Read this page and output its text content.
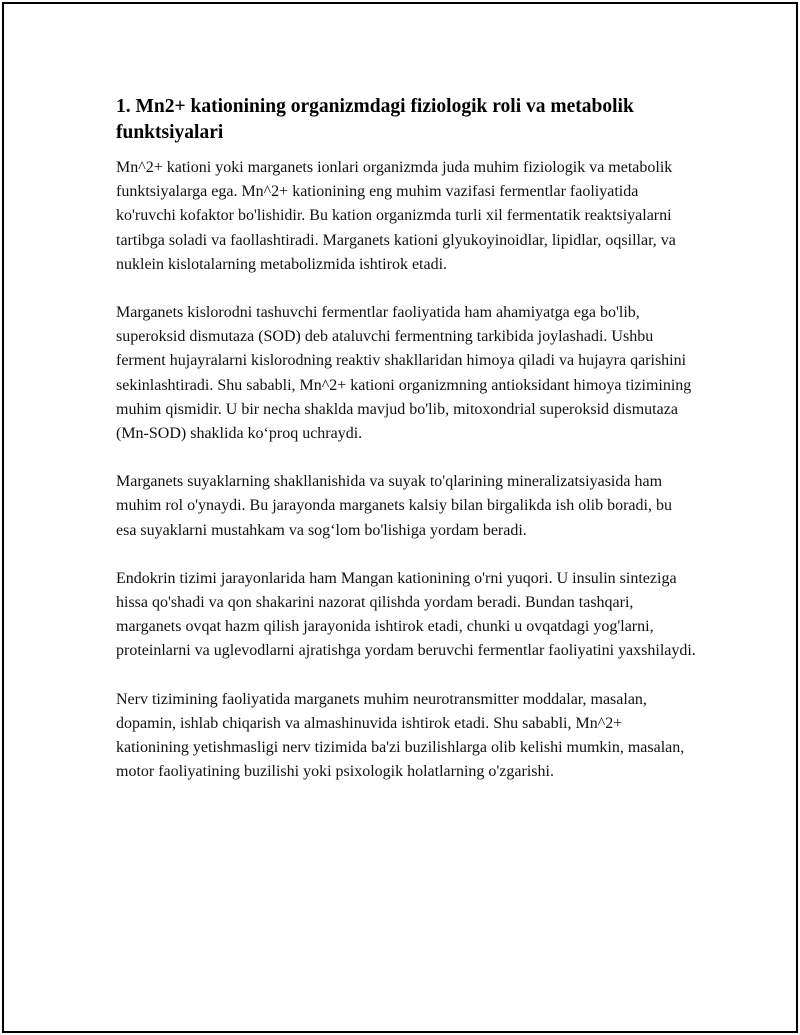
1. Mn2+ kationining organizmdagi fiziologik roli va metabolik funktsiyalari

Mn^2+ kationi yoki marganets ionlari organizmda juda muhim fiziologik va metabolik funktsiyalarga ega. Mn^2+ kationining eng muhim vazifasi fermentlar faoliyatida ko'ruvchi kofaktor bo'lishidir. Bu kation organizmda turli xil fermentatik reaktsiyalarni tartibga soladi va faollashtiradi. Marganets kationi glyukoyinoidlar, lipidlar, oqsillar, va nuklein kislotalarning metabolizmida ishtirok etadi.

Marganets kislorodni tashuvchi fermentlar faoliyatida ham ahamiyatga ega bo'lib, superoksid dismutaza (SOD) deb ataluvchi fermentning tarkibida joylashadi. Ushbu ferment hujayralarni kislorodning reaktiv shakllaridan himoya qiladi va hujayra qarishini sekinlashtiradi. Shu sababli, Mn^2+ kationi organizmning antioksidant himoya tizimining muhim qismidir. U bir necha shaklda mavjud bo'lib, mitoxondrial superoksid dismutaza (Mn-SOD) shaklida ko‘proq uchraydi.

Marganets suyaklarning shakllanishida va suyak to'qlarining mineralizatsiyasida ham muhim rol o'ynaydi. Bu jarayonda marganets kalsiy bilan birgalikda ish olib boradi, bu esa suyaklarni mustahkam va sog‘lom bo'lishiga yordam beradi.

Endokrin tizimi jarayonlarida ham Mangan kationining o'rni yuqori. U insulin sinteziga hissa qo'shadi va qon shakarini nazorat qilishda yordam beradi. Bundan tashqari, marganets ovqat hazm qilish jarayonida ishtirok etadi, chunki u ovqatdagi yog'larni, proteinlarni va uglevodlarni ajratishga yordam beruvchi fermentlar faoliyatini yaxshilaydi.

Nerv tizimining faoliyatida marganets muhim neurotransmitter moddalar, masalan, dopamin, ishlab chiqarish va almashinuvida ishtirok etadi. Shu sababli, Mn^2+ kationining yetishmasligi nerv tizimida ba'zi buzilishlarga olib kelishi mumkin, masalan, motor faoliyatining buzilishi yoki psixologik holatlarning o'zgarishi.
